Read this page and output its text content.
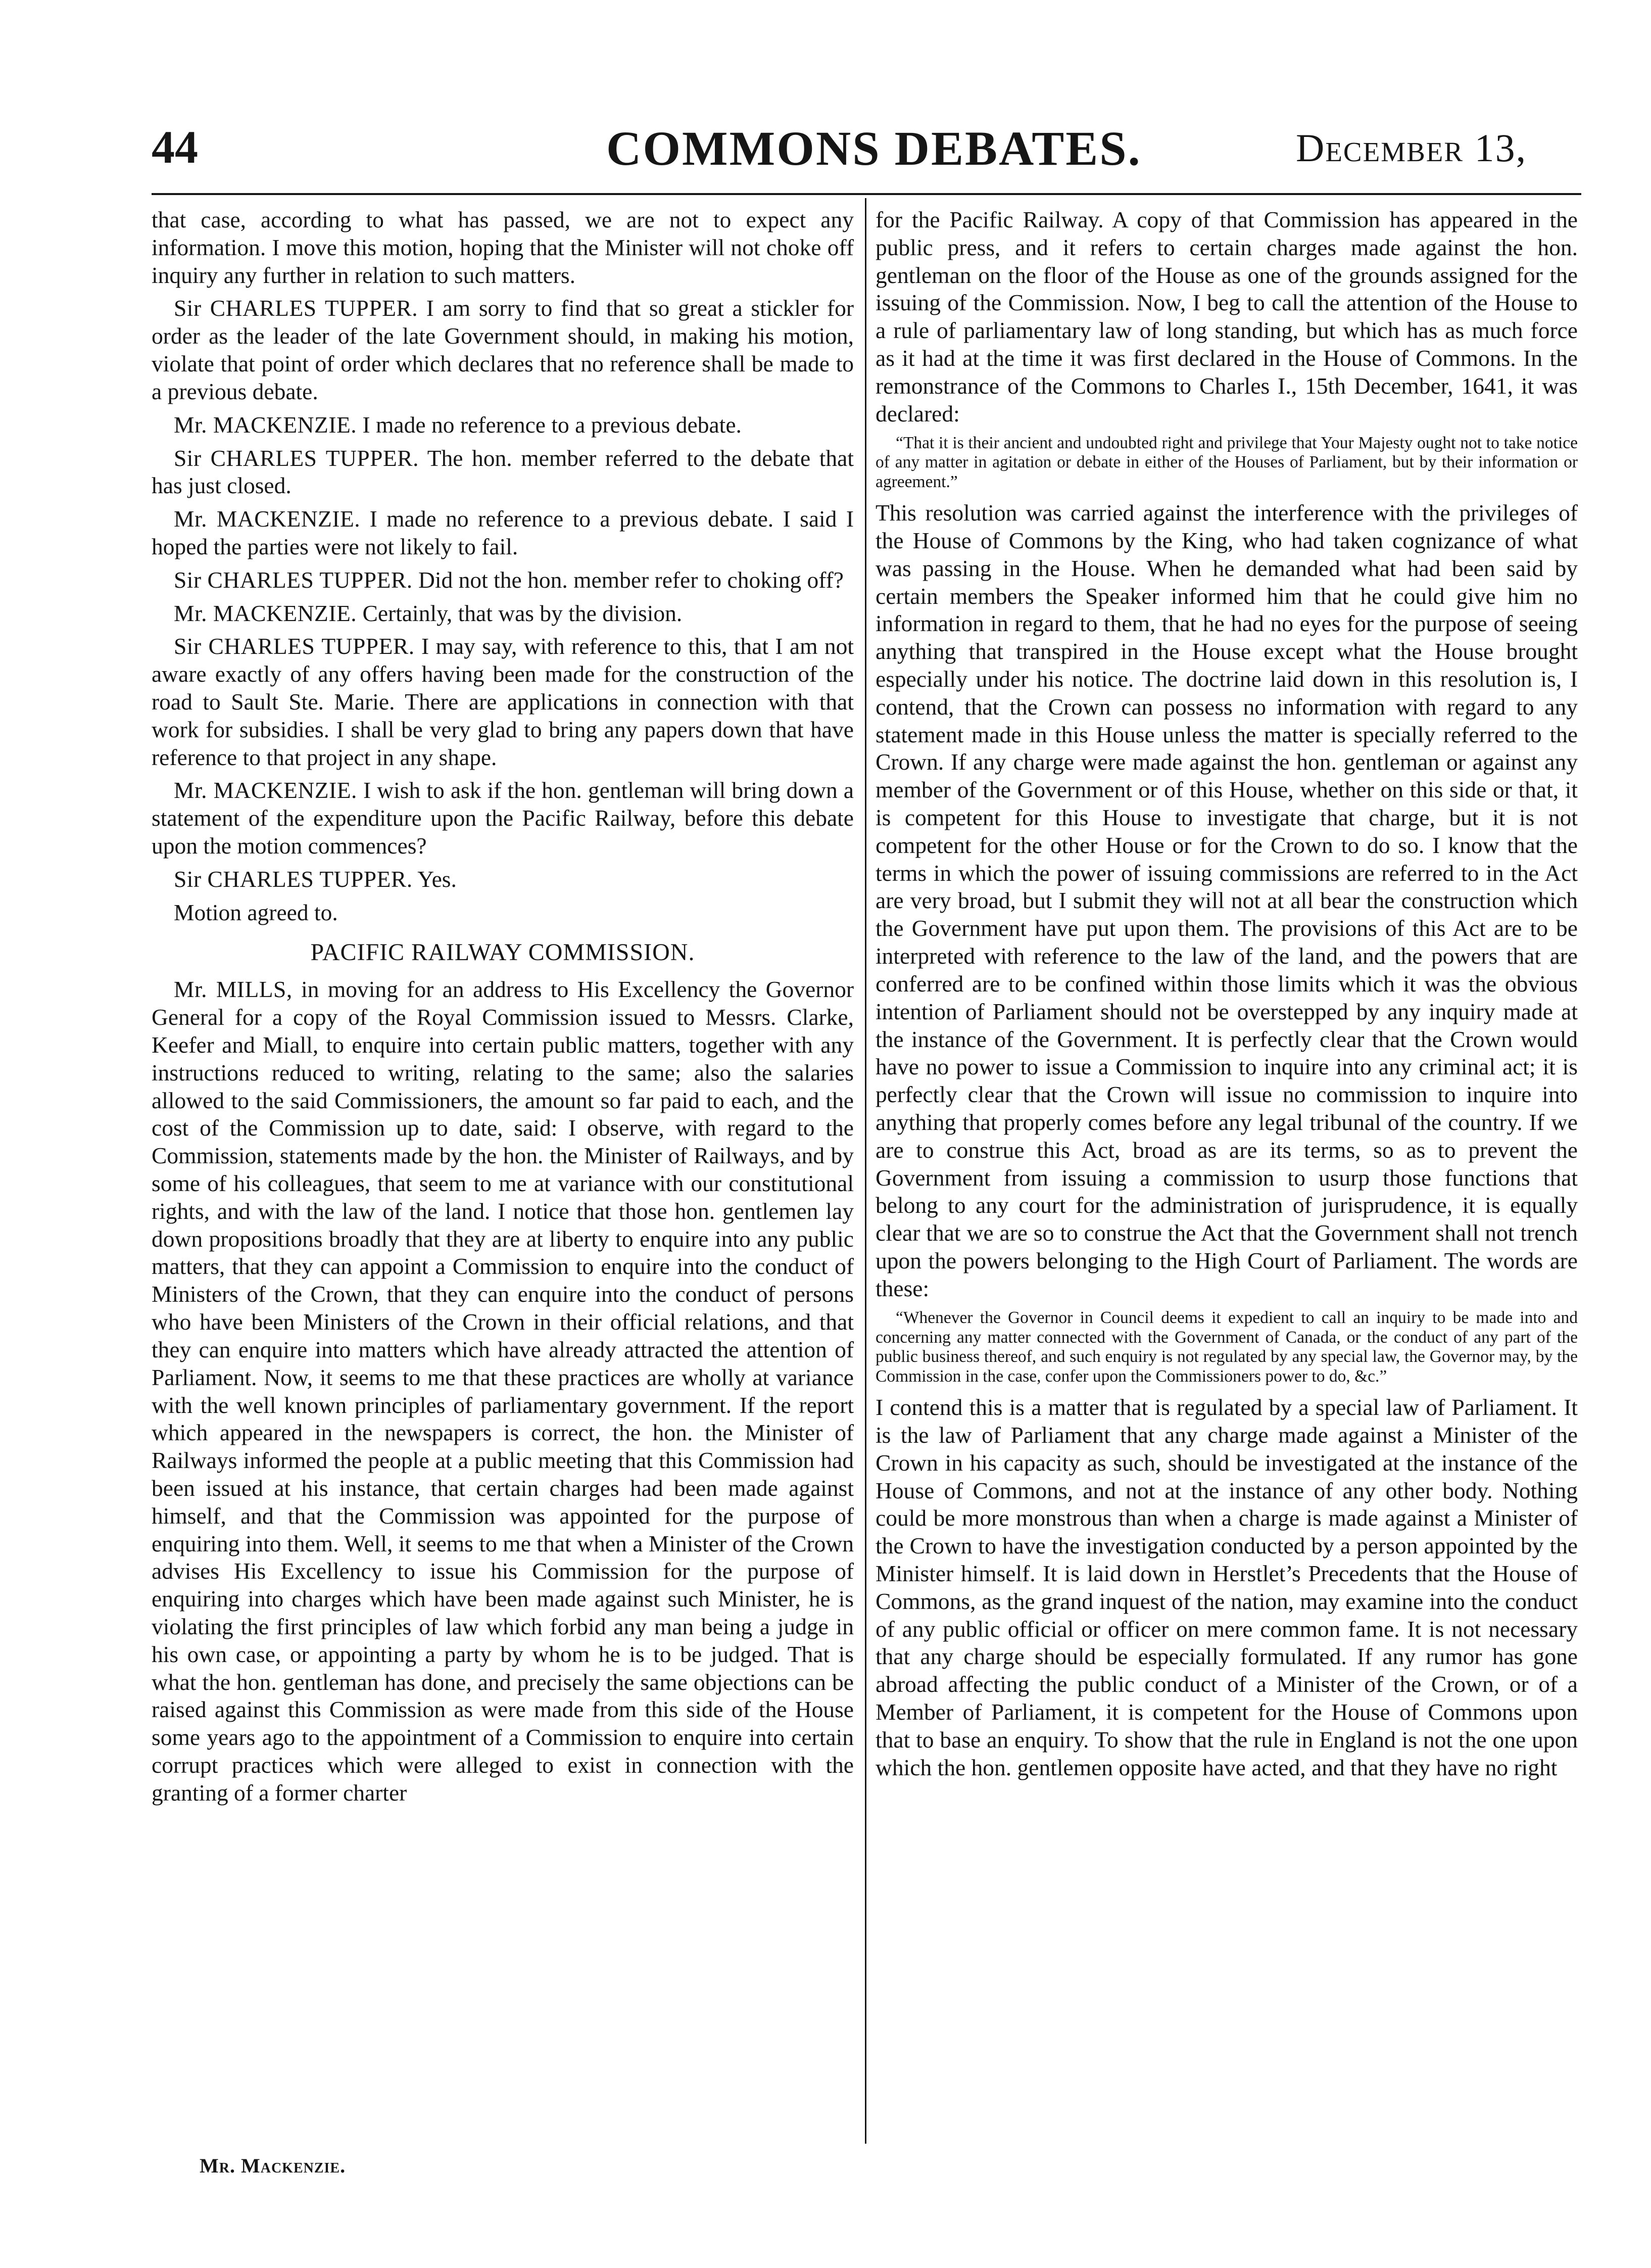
44	COMMONS DEBATES.	December 13,

that case, according to what has passed, we are not to expect any information. I move this motion, hoping that the Minister will not choke off inquiry any further in relation to such matters.

Sir CHARLES TUPPER. I am sorry to find that so great a stickler for order as the leader of the late Government should, in making his motion, violate that point of order which declares that no reference shall be made to a previous debate.

Mr. MACKENZIE. I made no reference to a previous debate.

Sir CHARLES TUPPER. The hon. member referred to the debate that has just closed.

Mr. MACKENZIE. I made no reference to a previous debate. I said I hoped the parties were not likely to fail.

Sir CHARLES TUPPER. Did not the hon. member refer to choking off?

Mr. MACKENZIE. Certainly, that was by the division.

Sir CHARLES TUPPER. I may say, with reference to this, that I am not aware exactly of any offers having been made for the construction of the road to Sault Ste. Marie. There are applications in connection with that work for subsidies. I shall be very glad to bring any papers down that have reference to that project in any shape.

Mr. MACKENZIE. I wish to ask if the hon. gentleman will bring down a statement of the expenditure upon the Pacific Railway, before this debate upon the motion commences?

Sir CHARLES TUPPER. Yes.

Motion agreed to.

PACIFIC RAILWAY COMMISSION.

Mr. MILLS, in moving for an address to His Excellency the Governor General for a copy of the Royal Commission issued to Messrs. Clarke, Keefer and Miall, to enquire into certain public matters, together with any instructions reduced to writing, relating to the same; also the salaries allowed to the said Commissioners, the amount so far paid to each, and the cost of the Commission up to date, said: I observe, with regard to the Commission, statements made by the hon. the Minister of Railways, and by some of his colleagues, that seem to me at variance with our constitutional rights, and with the law of the land. I notice that those hon. gentlemen lay down propositions broadly that they are at liberty to enquire into any public matters, that they can appoint a Commission to enquire into the conduct of Ministers of the Crown, that they can enquire into the conduct of persons who have been Ministers of the Crown in their official relations, and that they can enquire into matters which have already attracted the attention of Parliament. Now, it seems to me that these practices are wholly at variance with the well known principles of parliamentary government. If the report which appeared in the newspapers is correct, the hon. the Minister of Railways informed the people at a public meeting that this Commission had been issued at his instance, that certain charges had been made against himself, and that the Commission was appointed for the purpose of enquiring into them. Well, it seems to me that when a Minister of the Crown advises His Excellency to issue his Commission for the purpose of enquiring into charges which have been made against such Minister, he is violating the first principles of law which forbid any man being a judge in his own case, or appointing a party by whom he is to be judged. That is what the hon. gentleman has done, and precisely the same objections can be raised against this Commission as were made from this side of the House some years ago to the appointment of a Commission to enquire into certain corrupt practices which were alleged to exist in connection with the granting of a former charter

for the Pacific Railway. A copy of that Commission has appeared in the public press, and it refers to certain charges made against the hon. gentleman on the floor of the House as one of the grounds assigned for the issuing of the Commission. Now, I beg to call the attention of the House to a rule of parliamentary law of long standing, but which has as much force as it had at the time it was first declared in the House of Commons. In the remonstrance of the Commons to Charles I., 15th December, 1641, it was declared:

“That it is their ancient and undoubted right and privilege that Your Majesty ought not to take notice of any matter in agitation or debate in either of the Houses of Parliament, but by their information or agreement.”

This resolution was carried against the interference with the privileges of the House of Commons by the King, who had taken cognizance of what was passing in the House. When he demanded what had been said by certain members the Speaker informed him that he could give him no information in regard to them, that he had no eyes for the purpose of seeing anything that transpired in the House except what the House brought especially under his notice. The doctrine laid down in this resolution is, I contend, that the Crown can possess no information with regard to any statement made in this House unless the matter is specially referred to the Crown. If any charge were made against the hon. gentleman or against any member of the Government or of this House, whether on this side or that, it is competent for this House to investigate that charge, but it is not competent for the other House or for the Crown to do so. I know that the terms in which the power of issuing commissions are referred to in the Act are very broad, but I submit they will not at all bear the construction which the Government have put upon them. The provisions of this Act are to be interpreted with reference to the law of the land, and the powers that are conferred are to be confined within those limits which it was the obvious intention of Parliament should not be overstepped by any inquiry made at the instance of the Government. It is perfectly clear that the Crown would have no power to issue a Commission to inquire into any criminal act; it is perfectly clear that the Crown will issue no commission to inquire into anything that properly comes before any legal tribunal of the country. If we are to construe this Act, broad as are its terms, so as to prevent the Government from issuing a commission to usurp those functions that belong to any court for the administration of jurisprudence, it is equally clear that we are so to construe the Act that the Government shall not trench upon the powers belonging to the High Court of Parliament. The words are these:

“Whenever the Governor in Council deems it expedient to call an inquiry to be made into and concerning any matter connected with the Government of Canada, or the conduct of any part of the public business thereof, and such enquiry is not regulated by any special law, the Governor may, by the Commission in the case, confer upon the Commissioners power to do, &c.”

I contend this is a matter that is regulated by a special law of Parliament. It is the law of Parliament that any charge made against a Minister of the Crown in his capacity as such, should be investigated at the instance of the House of Commons, and not at the instance of any other body. Nothing could be more monstrous than when a charge is made against a Minister of the Crown to have the investigation conducted by a person appointed by the Minister himself. It is laid down in Herstlet’s Precedents that the House of Commons, as the grand inquest of the nation, may examine into the conduct of any public official or officer on mere common fame. It is not necessary that any charge should be especially formulated. If any rumor has gone abroad affecting the public conduct of a Minister of the Crown, or of a Member of Parliament, it is competent for the House of Commons upon that to base an enquiry. To show that the rule in England is not the one upon which the hon. gentlemen opposite have acted, and that they have no right

Mr. Mackenzie.
